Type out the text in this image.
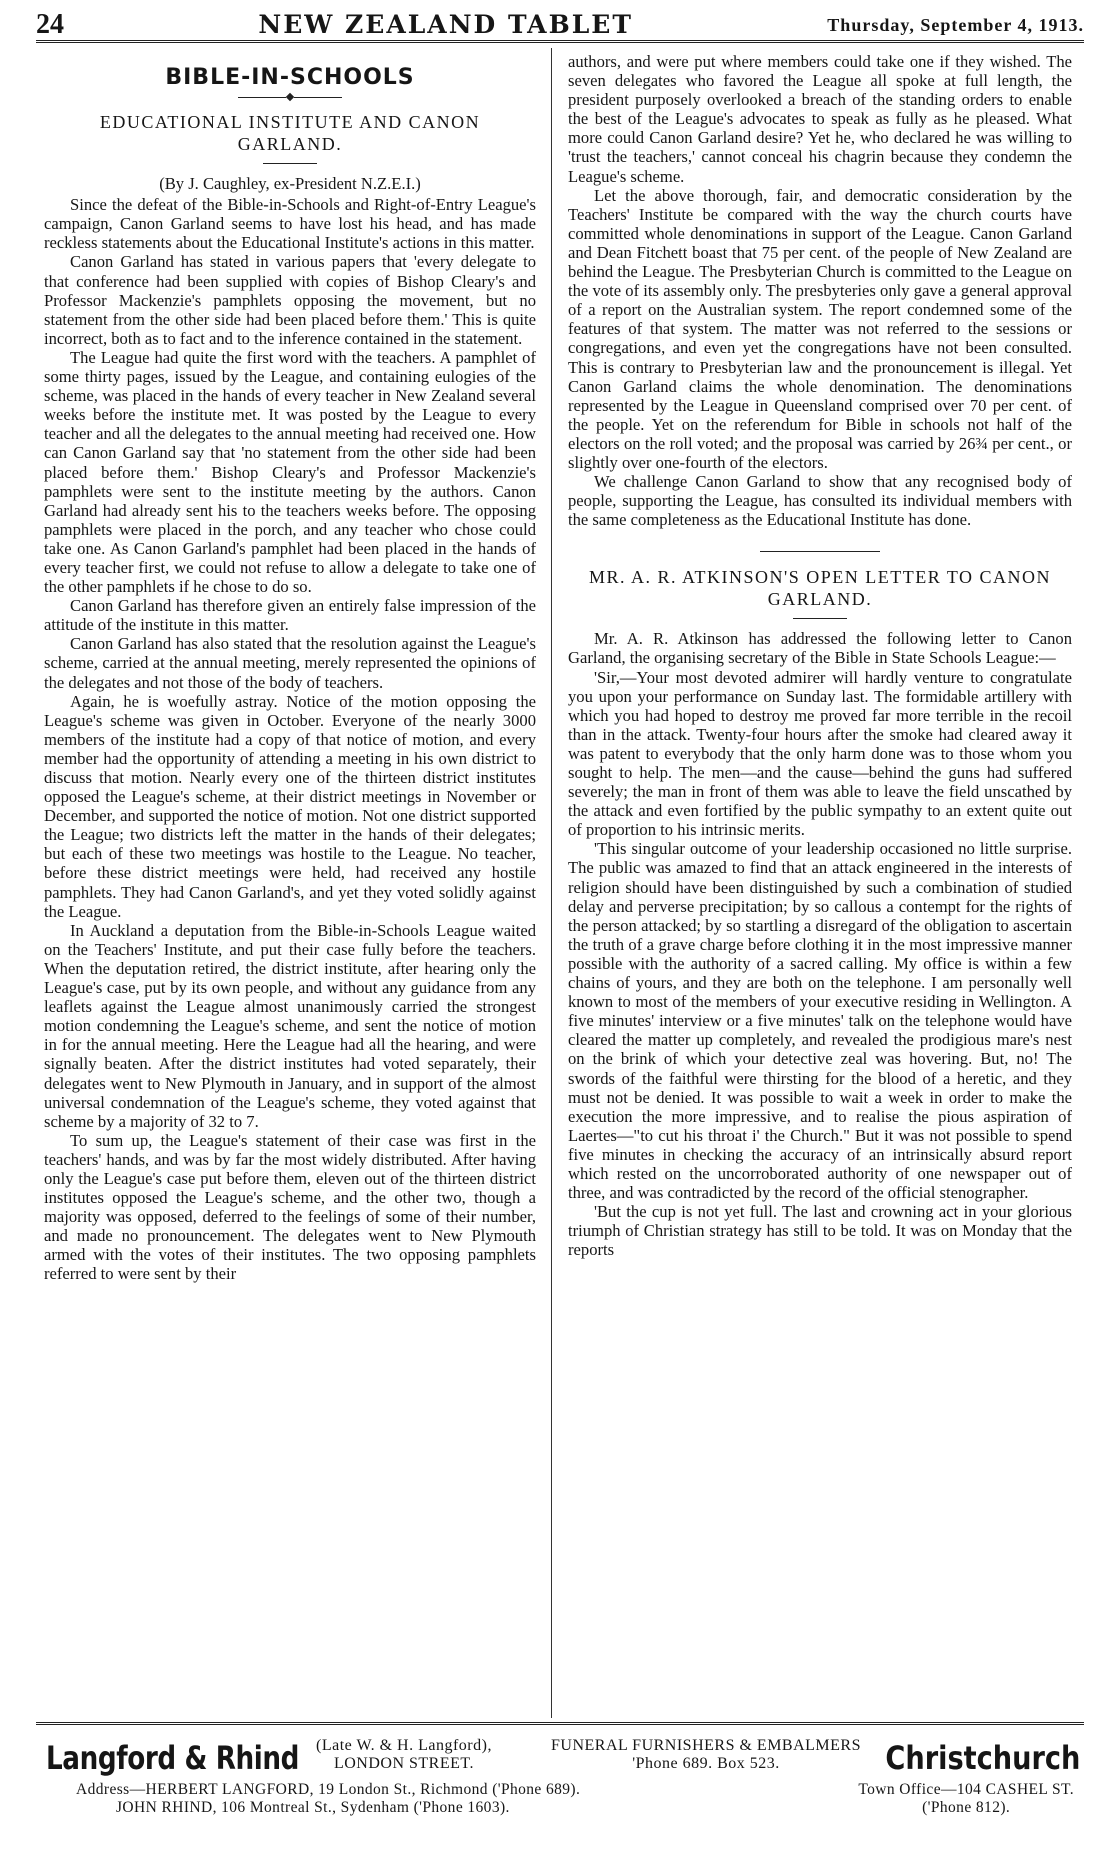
24	NEW ZEALAND TABLET	Thursday, September 4, 1913.
BIBLE-IN-SCHOOLS
EDUCATIONAL INSTITUTE AND CANON GARLAND.

(By J. Caughley, ex-President N.Z.E.I.)

Since the defeat of the Bible-in-Schools and Right-of-Entry League's campaign, Canon Garland seems to have lost his head, and has made reckless statements about the Educational Institute's actions in this matter.

Canon Garland has stated in various papers that 'every delegate to that conference had been supplied with copies of Bishop Cleary's and Professor Mackenzie's pamphlets opposing the movement, but no statement from the other side had been placed before them.' This is quite incorrect, both as to fact and to the inference contained in the statement.

The League had quite the first word with the teachers. A pamphlet of some thirty pages, issued by the League, and containing eulogies of the scheme, was placed in the hands of every teacher in New Zealand several weeks before the institute met. It was posted by the League to every teacher and all the delegates to the annual meeting had received one. How can Canon Garland say that 'no statement from the other side had been placed before them.' Bishop Cleary's and Professor Mackenzie's pamphlets were sent to the institute meeting by the authors. Canon Garland had already sent his to the teachers weeks before. The opposing pamphlets were placed in the porch, and any teacher who chose could take one. As Canon Garland's pamphlet had been placed in the hands of every teacher first, we could not refuse to allow a delegate to take one of the other pamphlets if he chose to do so.

Canon Garland has therefore given an entirely false impression of the attitude of the institute in this matter.

Canon Garland has also stated that the resolution against the League's scheme, carried at the annual meeting, merely represented the opinions of the delegates and not those of the body of teachers.

Again, he is woefully astray. Notice of the motion opposing the League's scheme was given in October. Everyone of the nearly 3000 members of the institute had a copy of that notice of motion, and every member had the opportunity of attending a meeting in his own district to discuss that motion. Nearly every one of the thirteen district institutes opposed the League's scheme, at their district meetings in November or December, and supported the notice of motion. Not one district supported the League; two districts left the matter in the hands of their delegates; but each of these two meetings was hostile to the League. No teacher, before these district meetings were held, had received any hostile pamphlets. They had Canon Garland's, and yet they voted solidly against the League.

In Auckland a deputation from the Bible-in-Schools League waited on the Teachers' Institute, and put their case fully before the teachers. When the deputation retired, the district institute, after hearing only the League's case, put by its own people, and without any guidance from any leaflets against the League almost unanimously carried the strongest motion condemning the League's scheme, and sent the notice of motion in for the annual meeting. Here the League had all the hearing, and were signally beaten. After the district institutes had voted separately, their delegates went to New Plymouth in January, and in support of the almost universal condemnation of the League's scheme, they voted against that scheme by a majority of 32 to 7.

To sum up, the League's statement of their case was first in the teachers' hands, and was by far the most widely distributed. After having only the League's case put before them, eleven out of the thirteen district institutes opposed the League's scheme, and the other two, though a majority was opposed, deferred to the feelings of some of their number, and made no pronouncement. The delegates went to New Plymouth armed with the votes of their institutes. The two opposing pamphlets referred to were sent by their

authors, and were put where members could take one if they wished. The seven delegates who favored the League all spoke at full length, the president purposely overlooked a breach of the standing orders to enable the best of the League's advocates to speak as fully as he pleased. What more could Canon Garland desire? Yet he, who declared he was willing to 'trust the teachers,' cannot conceal his chagrin because they condemn the League's scheme.

Let the above thorough, fair, and democratic consideration by the Teachers' Institute be compared with the way the church courts have committed whole denominations in support of the League. Canon Garland and Dean Fitchett boast that 75 per cent. of the people of New Zealand are behind the League. The Presbyterian Church is committed to the League on the vote of its assembly only. The presbyteries only gave a general approval of a report on the Australian system. The report condemned some of the features of that system. The matter was not referred to the sessions or congregations, and even yet the congregations have not been consulted. This is contrary to Presbyterian law and the pronouncement is illegal. Yet Canon Garland claims the whole denomination. The denominations represented by the League in Queensland comprised over 70 per cent. of the people. Yet on the referendum for Bible in schools not half of the electors on the roll voted; and the proposal was carried by 26¾ per cent., or slightly over one-fourth of the electors.

We challenge Canon Garland to show that any recognised body of people, supporting the League, has consulted its individual members with the same completeness as the Educational Institute has done.

MR. A. R. ATKINSON'S OPEN LETTER TO CANON GARLAND.

Mr. A. R. Atkinson has addressed the following letter to Canon Garland, the organising secretary of the Bible in State Schools League:—

'Sir,—Your most devoted admirer will hardly venture to congratulate you upon your performance on Sunday last. The formidable artillery with which you had hoped to destroy me proved far more terrible in the recoil than in the attack. Twenty-four hours after the smoke had cleared away it was patent to everybody that the only harm done was to those whom you sought to help. The men—and the cause—behind the guns had suffered severely; the man in front of them was able to leave the field unscathed by the attack and even fortified by the public sympathy to an extent quite out of proportion to his intrinsic merits.

'This singular outcome of your leadership occasioned no little surprise. The public was amazed to find that an attack engineered in the interests of religion should have been distinguished by such a combination of studied delay and perverse precipitation; by so callous a contempt for the rights of the person attacked; by so startling a disregard of the obligation to ascertain the truth of a grave charge before clothing it in the most impressive manner possible with the authority of a sacred calling. My office is within a few chains of yours, and they are both on the telephone. I am personally well known to most of the members of your executive residing in Wellington. A five minutes' interview or a five minutes' talk on the telephone would have cleared the matter up completely, and revealed the prodigious mare's nest on the brink of which your detective zeal was hovering. But, no! The swords of the faithful were thirsting for the blood of a heretic, and they must not be denied. It was possible to wait a week in order to make the execution the more impressive, and to realise the pious aspiration of Laertes—"to cut his throat i' the Church." But it was not possible to spend five minutes in checking the accuracy of an intrinsically absurd report which rested on the uncorroborated authority of one newspaper out of three, and was contradicted by the record of the official stenographer.

'But the cup is not yet full. The last and crowning act in your glorious triumph of Christian strategy has still to be told. It was on Monday that the reports

Langford & Rhind (Late W. & H. Langford),
LONDON STREET.
FUNERAL FURNISHERS & EMBALMERS
'Phone 689. Box 523.	Christchurch
Address—HERBERT LANGFORD, 19 London St., Richmond ('Phone 689).
JOHN RHIND, 106 Montreal St., Sydenham ('Phone 1603).
Town Office—104 CASHEL ST.
('Phone 812).
